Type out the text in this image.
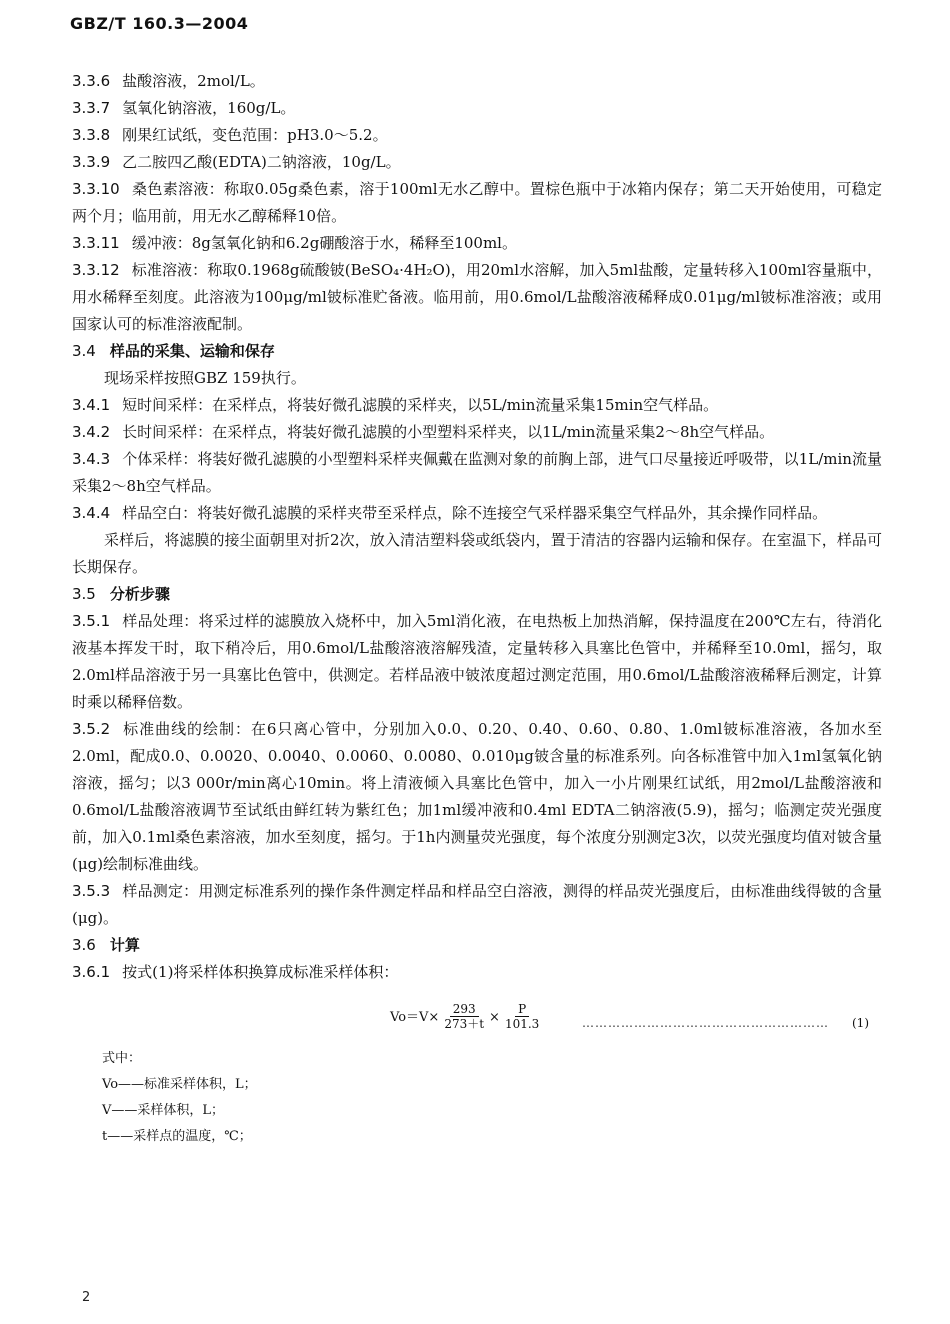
GBZ/T 160.3—2004
3.3.6 盐酸溶液，2mol/L。
3.3.7 氢氧化钠溶液，160g/L。
3.3.8 刚果红试纸，变色范围：pH3.0～5.2。
3.3.9 乙二胺四乙酸(EDTA)二钠溶液，10g/L。
3.3.10 桑色素溶液：称取0.05g桑色素，溶于100ml无水乙醇中。置棕色瓶中于冰箱内保存；第二天开始使用，可稳定两个月；临用前，用无水乙醇稀释10倍。
3.3.11 缓冲液：8g氢氧化钠和6.2g硼酸溶于水，稀释至100ml。
3.3.12 标准溶液：称取0.1968g硫酸铍(BeSO₄·4H₂O)，用20ml水溶解，加入5ml盐酸，定量转移入100ml容量瓶中，用水稀释至刻度。此溶液为100μg/ml铍标准贮备液。临用前，用0.6mol/L盐酸溶液稀释成0.01μg/ml铍标准溶液；或用国家认可的标准溶液配制。
3.4 样品的采集、运输和保存
现场采样按照GBZ 159执行。
3.4.1 短时间采样：在采样点，将装好微孔滤膜的采样夹，以5L/min流量采集15min空气样品。
3.4.2 长时间采样：在采样点，将装好微孔滤膜的小型塑料采样夹，以1L/min流量采集2～8h空气样品。
3.4.3 个体采样：将装好微孔滤膜的小型塑料采样夹佩戴在监测对象的前胸上部，进气口尽量接近呼吸带，以1L/min流量采集2～8h空气样品。
3.4.4 样品空白：将装好微孔滤膜的采样夹带至采样点，除不连接空气采样器采集空气样品外，其余操作同样品。
采样后，将滤膜的接尘面朝里对折2次，放入清洁塑料袋或纸袋内，置于清洁的容器内运输和保存。在室温下，样品可长期保存。
3.5 分析步骤
3.5.1 样品处理：将采过样的滤膜放入烧杯中，加入5ml消化液，在电热板上加热消解，保持温度在200℃左右，待消化液基本挥发干时，取下稍冷后，用0.6mol/L盐酸溶液溶解残渣，定量转移入具塞比色管中，并稀释至10.0ml，摇匀，取2.0ml样品溶液于另一具塞比色管中，供测定。若样品液中铍浓度超过测定范围，用0.6mol/L盐酸溶液稀释后测定，计算时乘以稀释倍数。
3.5.2 标准曲线的绘制：在6只离心管中，分别加入0.0、0.20、0.40、0.60、0.80、1.0ml铍标准溶液，各加水至2.0ml，配成0.0、0.0020、0.0040、0.0060、0.0080、0.010μg铍含量的标准系列。向各标准管中加入1ml氢氧化钠溶液，摇匀；以3 000r/min离心10min。将上清液倾入具塞比色管中，加入一小片刚果红试纸，用2mol/L盐酸溶液和0.6mol/L盐酸溶液调节至试纸由鲜红转为紫红色；加1ml缓冲液和0.4ml EDTA二钠溶液(5.9)，摇匀；临测定荧光强度前，加入0.1ml桑色素溶液，加水至刻度，摇匀。于1h内测量荧光强度，每个浓度分别测定3次，以荧光强度均值对铍含量(μg)绘制标准曲线。
3.5.3 样品测定：用测定标准系列的操作条件测定样品和样品空白溶液，测得的样品荧光强度后，由标准曲线得铍的含量(μg)。
3.6 计算
3.6.1 按式(1)将采样体积换算成标准采样体积：
$Vo=V\times \frac{293}{273+t} \times \frac{P}{101.3}$	………………………………………………… (1)
式中：
Vo——标准采样体积，L；
V——采样体积，L；
t——采样点的温度，℃；
2
